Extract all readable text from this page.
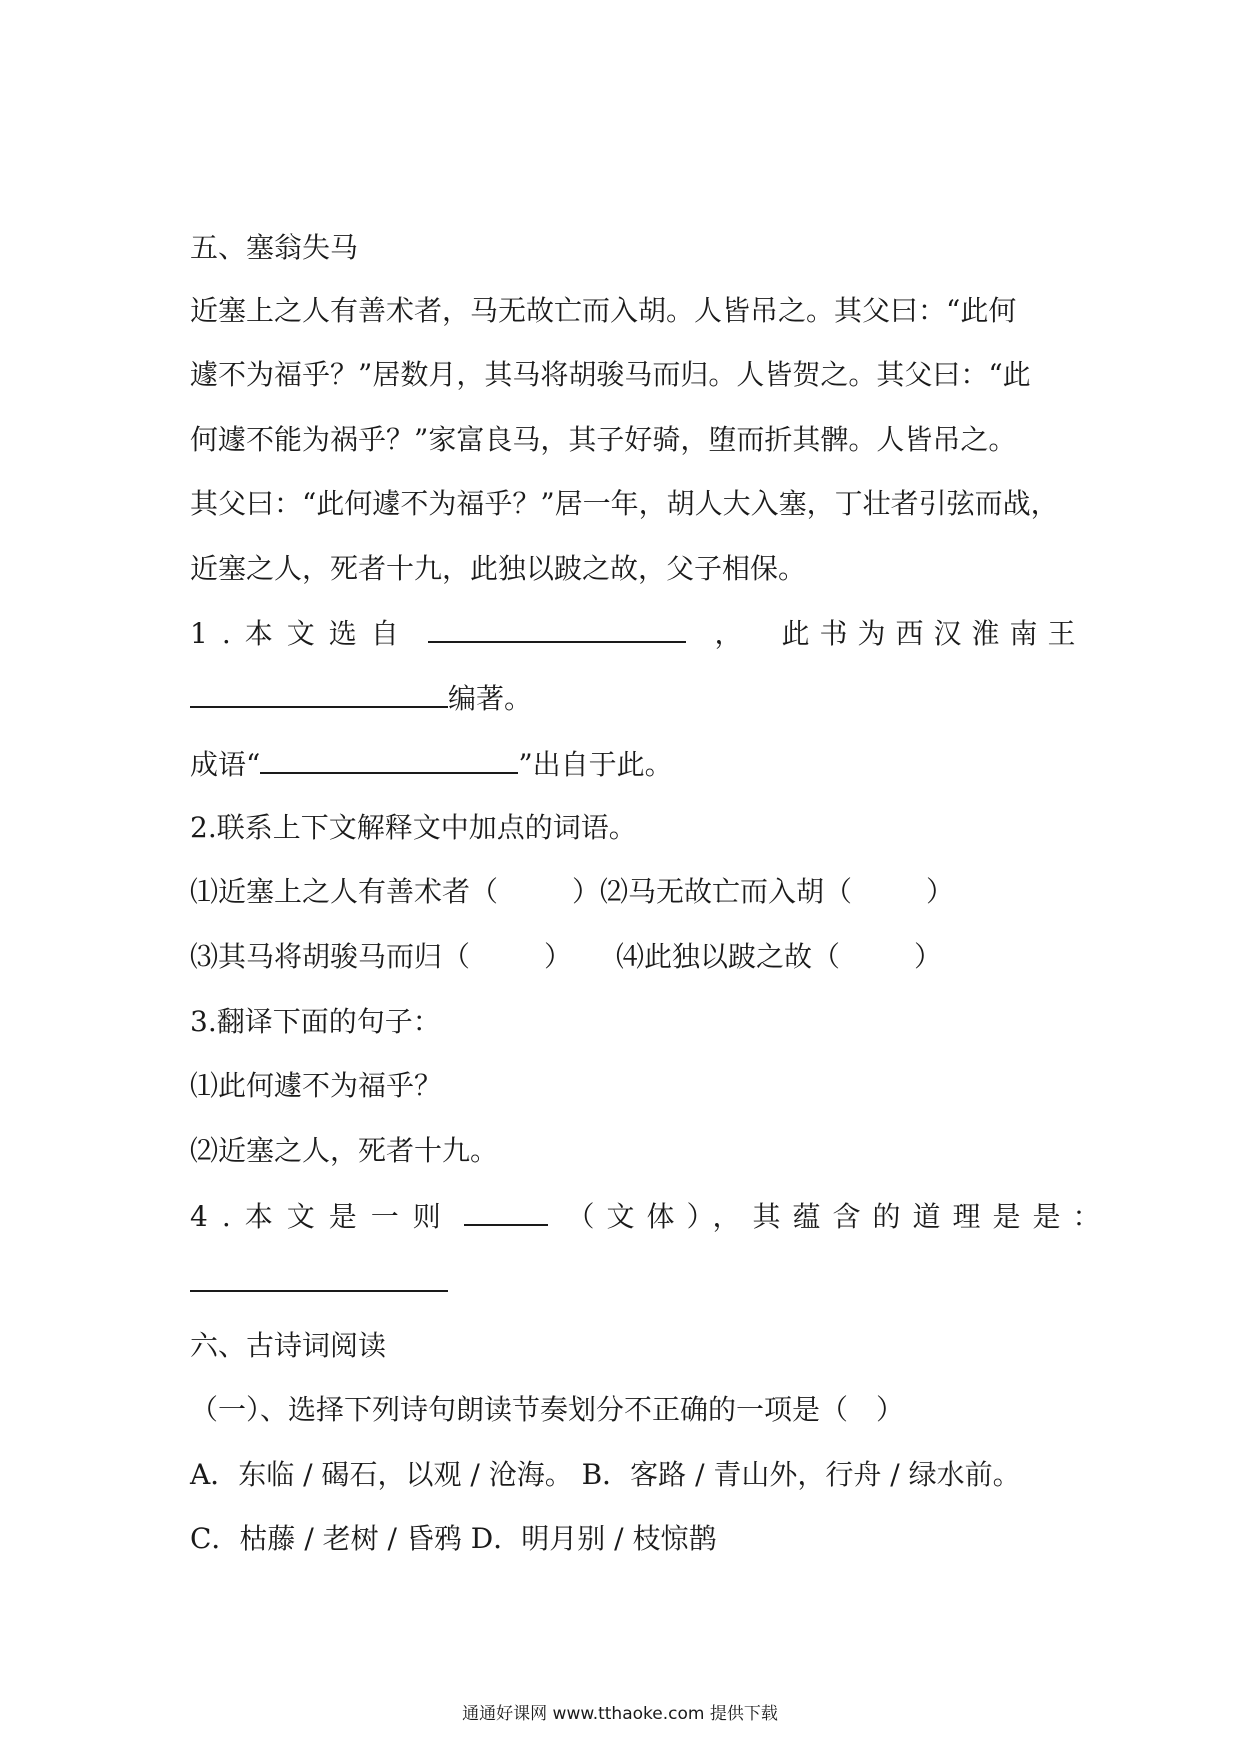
五、塞翁失马
近塞上之人有善术者，马无故亡而入胡。人皆吊之。其父曰：“此何
遽不为福乎？”居数月，其马将胡骏马而归。人皆贺之。其父曰：“此
何遽不能为祸乎？”家富良马，其子好骑，堕而折其髀。人皆吊之。
其父曰：“此何遽不为福乎？”居一年，胡人大入塞，丁壮者引弦而战，
近塞之人，死者十九，此独以跛之故，父子相保。
1.本文选自	， 此书为西汉淮南王
编著。
成语“	”出自于此。
2.联系上下文解释文中加点的词语。
⑴近塞上之人有善术者（	）⑵马无故亡而入胡（	）
⑶其马将胡骏马而归（	） ⑷此独以跛之故（	）
3.翻译下面的句子：
⑴此何遽不为福乎？
⑵近塞之人，死者十九。
4.本文是一则	（文体），其蕴含的道理是是：
六、古诗词阅读
（一）、选择下列诗句朗读节奏划分不正确的一项是（　）
A．东临 / 碣石，以观 / 沧海。 B．客路 / 青山外，行舟 / 绿水前。
C．枯藤 / 老树 / 昏鸦 D．明月别 / 枝惊鹊
通通好课网 www.tthaoke.com 提供下载
